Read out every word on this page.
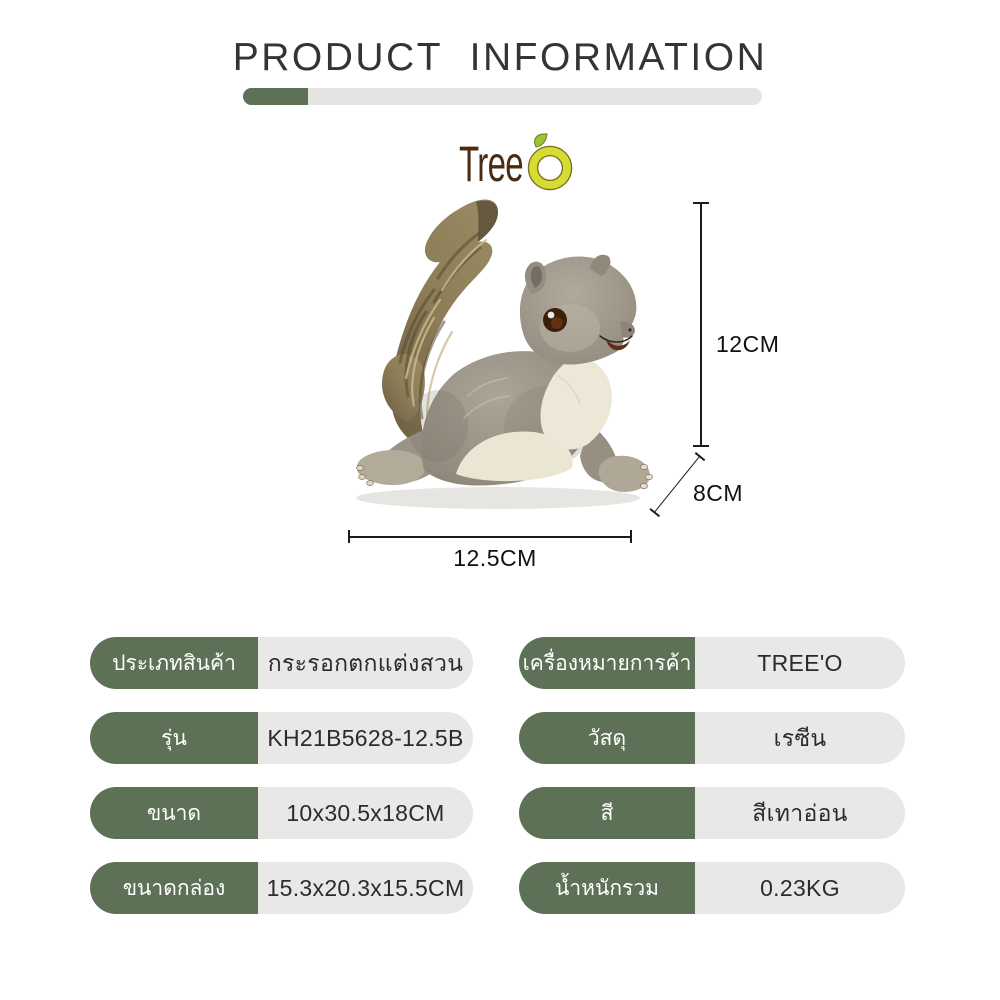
PRODUCT INFORMATION
Tree
12CM
8CM
12.5CM
ประเภทสินค้า	กระรอกตกแต่งสวน
รุ่น	KH21B5628-12.5B
ขนาด	10x30.5x18CM
ขนาดกล่อง	15.3x20.3x15.5CM
เครื่องหมายการค้า	TREE'O
วัสดุ	เรซีน
สี	สีเทาอ่อน
น้ำหนักรวม	0.23KG
